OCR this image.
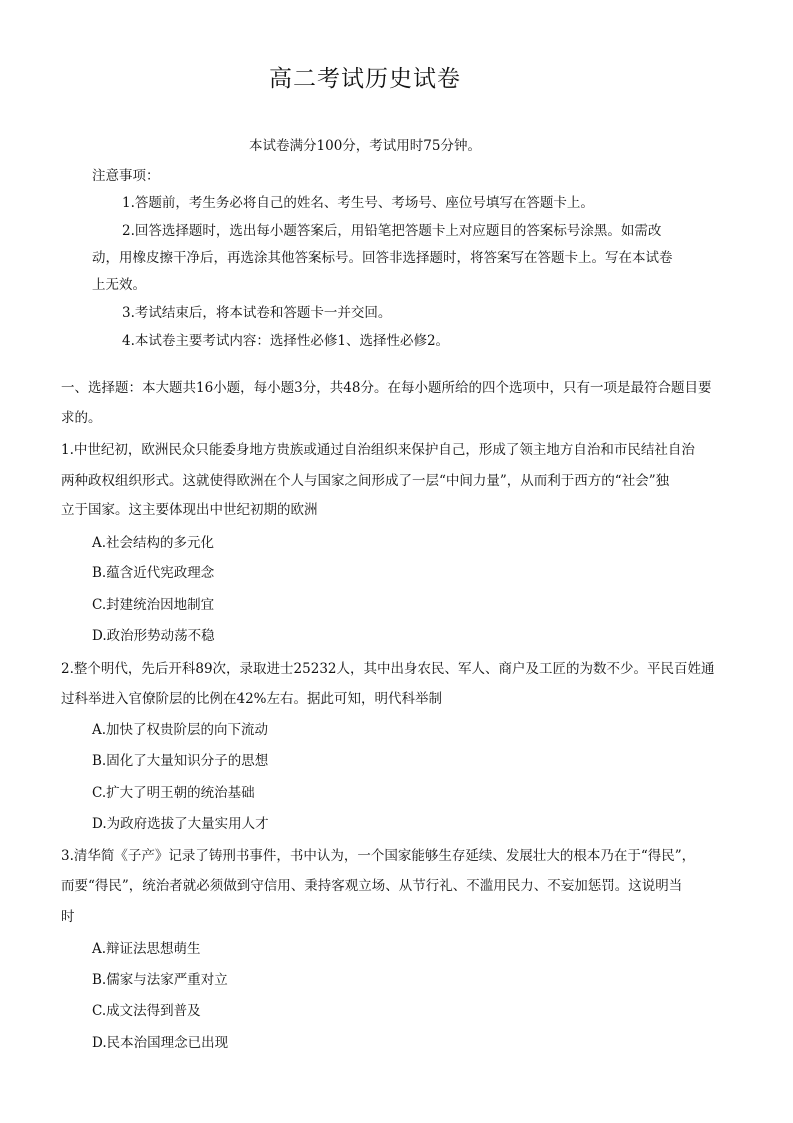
高二考试历史试卷
本试卷满分100分，考试用时75分钟。
注意事项：
1.答题前，考生务必将自己的姓名、考生号、考场号、座位号填写在答题卡上。
2.回答选择题时，选出每小题答案后，用铅笔把答题卡上对应题目的答案标号涂黑。如需改
动，用橡皮擦干净后，再选涂其他答案标号。回答非选择题时，将答案写在答题卡上。写在本试卷
上无效。
3.考试结束后，将本试卷和答题卡一并交回。
4.本试卷主要考试内容：选择性必修1、选择性必修2。
一、选择题：本大题共16小题，每小题3分，共48分。在每小题所给的四个选项中，只有一项是最符合题目要
求的。
1.中世纪初，欧洲民众只能委身地方贵族或通过自治组织来保护自己，形成了领主地方自治和市民结社自治
两种政权组织形式。这就使得欧洲在个人与国家之间形成了一层“中间力量”，从而利于西方的“社会”独
立于国家。这主要体现出中世纪初期的欧洲
A.社会结构的多元化
B.蕴含近代宪政理念
C.封建统治因地制宜
D.政治形势动荡不稳
2.整个明代，先后开科89次，录取进士25232人，其中出身农民、军人、商户及工匠的为数不少。平民百姓通
过科举进入官僚阶层的比例在42%左右。据此可知，明代科举制
A.加快了权贵阶层的向下流动
B.固化了大量知识分子的思想
C.扩大了明王朝的统治基础
D.为政府选拔了大量实用人才
3.清华简《子产》记录了铸刑书事件，书中认为，一个国家能够生存延续、发展壮大的根本乃在于“得民”，
而要“得民”，统治者就必须做到守信用、秉持客观立场、从节行礼、不滥用民力、不妄加惩罚。这说明当
时
A.辩证法思想萌生
B.儒家与法家严重对立
C.成文法得到普及
D.民本治国理念已出现
